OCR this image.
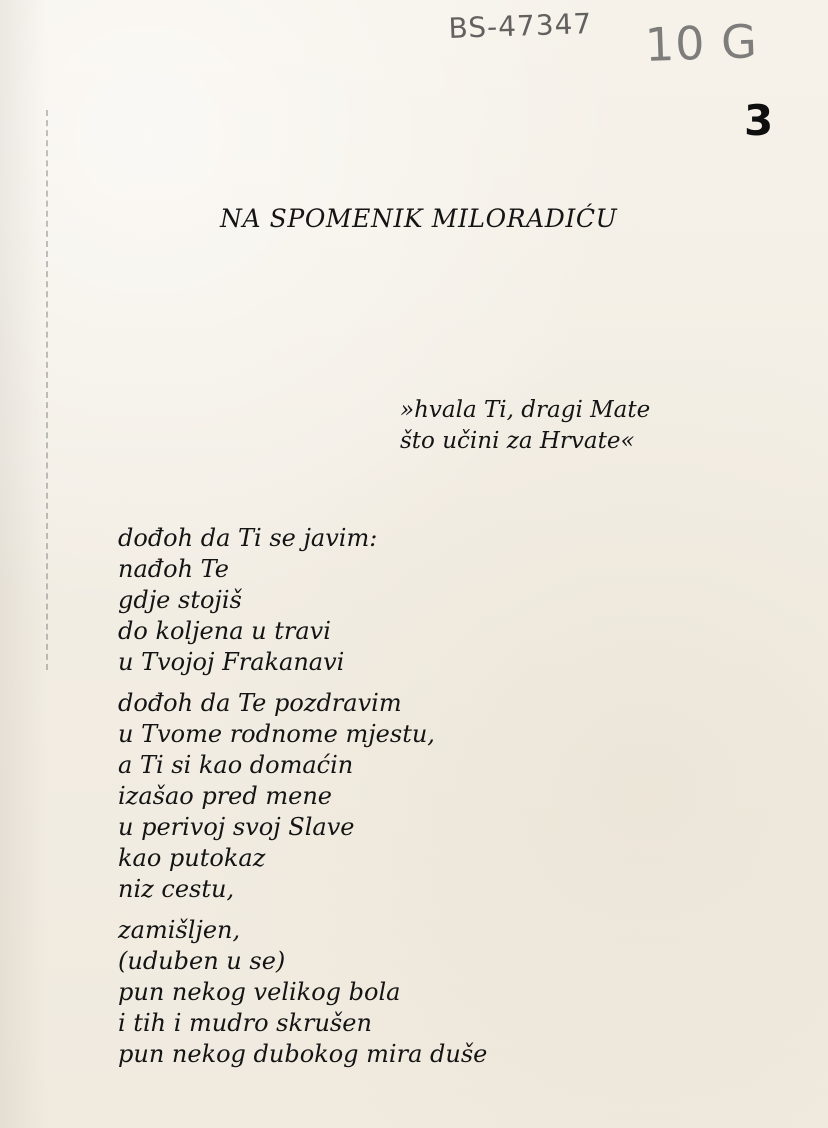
BS-47347 10 G
3
NA SPOMENIK MILORADIĆU
»hvala Ti, dragi Mate
što učini za Hrvate«
dođoh da Ti se javim:
nađoh Te
gdje stojiš
do koljena u travi
u Tvojoj Frakanavi
dođoh da Te pozdravim
u Tvome rodnome mjestu,
a Ti si kao domaćin
izašao pred mene
u perivoj svoj Slave
kao putokaz
niz cestu,
zamišljen,
(uduben u se)
pun nekog velikog bola
i tih i mudro skrušen
pun nekog dubokog mira duše
